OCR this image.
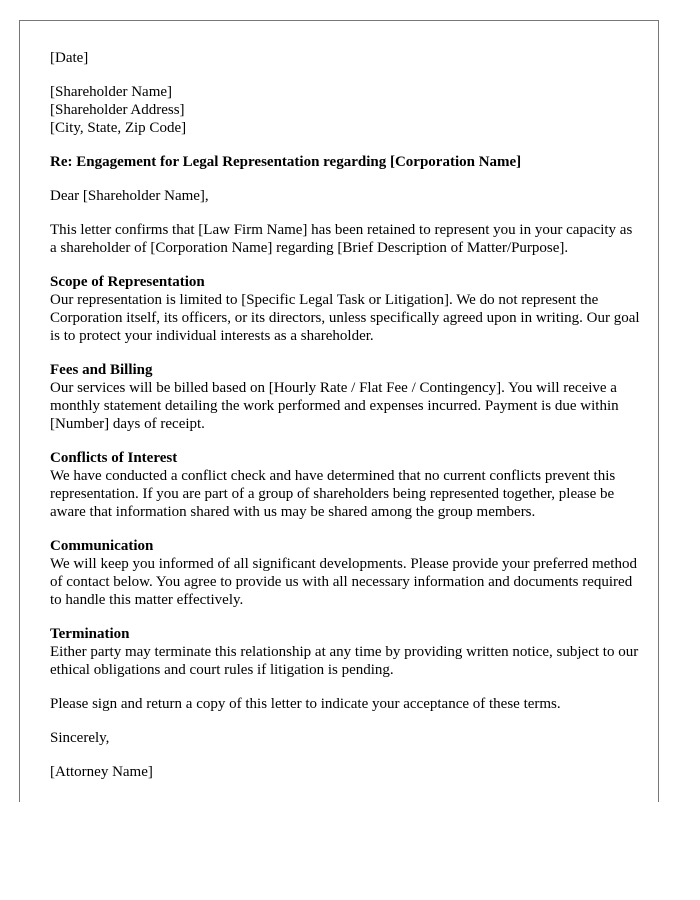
[Date]

[Shareholder Name]
[Shareholder Address]
[City, State, Zip Code]

Re: Engagement for Legal Representation regarding [Corporation Name]

Dear [Shareholder Name],

This letter confirms that [Law Firm Name] has been retained to represent you in your capacity as a shareholder of [Corporation Name] regarding [Brief Description of Matter/Purpose].

Scope of Representation
Our representation is limited to [Specific Legal Task or Litigation]. We do not represent the Corporation itself, its officers, or its directors, unless specifically agreed upon in writing. Our goal is to protect your individual interests as a shareholder.

Fees and Billing
Our services will be billed based on [Hourly Rate / Flat Fee / Contingency]. You will receive a monthly statement detailing the work performed and expenses incurred. Payment is due within [Number] days of receipt.

Conflicts of Interest
We have conducted a conflict check and have determined that no current conflicts prevent this representation. If you are part of a group of shareholders being represented together, please be aware that information shared with us may be shared among the group members.

Communication
We will keep you informed of all significant developments. Please provide your preferred method of contact below. You agree to provide us with all necessary information and documents required to handle this matter effectively.

Termination
Either party may terminate this relationship at any time by providing written notice, subject to our ethical obligations and court rules if litigation is pending.

Please sign and return a copy of this letter to indicate your acceptance of these terms.

Sincerely,

[Attorney Name]
